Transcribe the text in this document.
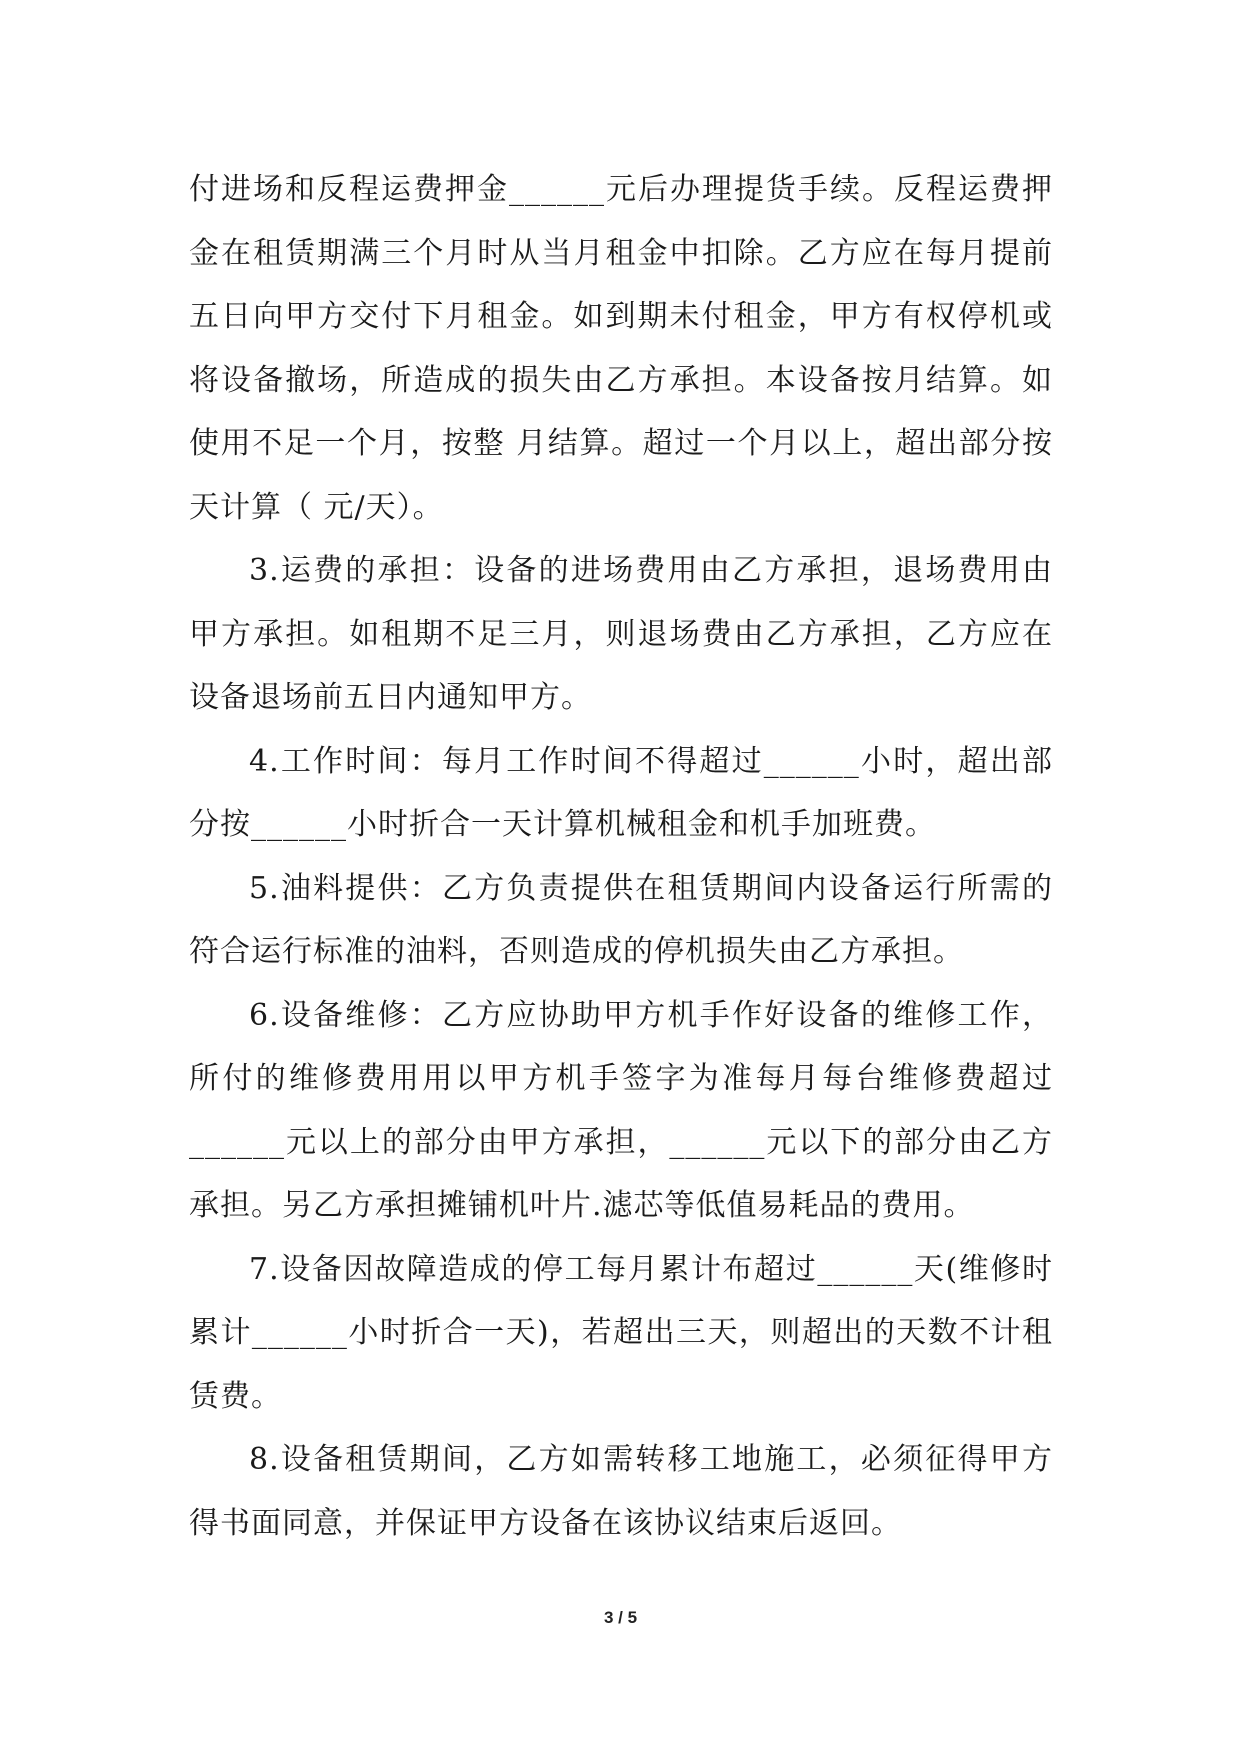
付进场和反程运费押金______元后办理提货手续。反程运费押金在租赁期满三个月时从当月租金中扣除。乙方应在每月提前五日向甲方交付下月租金。如到期未付租金，甲方有权停机或将设备撤场，所造成的损失由乙方承担。本设备按月结算。如使用不足一个月，按整 月结算。超过一个月以上，超出部分按 天计算（ 元/天）。

3.运费的承担：设备的进场费用由乙方承担，退场费用由甲方承担。如租期不足三月，则退场费由乙方承担，乙方应在设备退场前五日内通知甲方。

4.工作时间：每月工作时间不得超过______小时，超出部分按______小时折合一天计算机械租金和机手加班费。

5.油料提供：乙方负责提供在租赁期间内设备运行所需的符合运行标准的油料，否则造成的停机损失由乙方承担。

6.设备维修：乙方应协助甲方机手作好设备的维修工作，所付的维修费用用以甲方机手签字为准每月每台维修费超过______元以上的部分由甲方承担，______元以下的部分由乙方承担。另乙方承担摊铺机叶片.滤芯等低值易耗品的费用。

7.设备因故障造成的停工每月累计布超过______天(维修时累计______小时折合一天)，若超出三天，则超出的天数不计租赁费。

8.设备租赁期间，乙方如需转移工地施工，必须征得甲方得书面同意，并保证甲方设备在该协议结束后返回。

3 / 5
